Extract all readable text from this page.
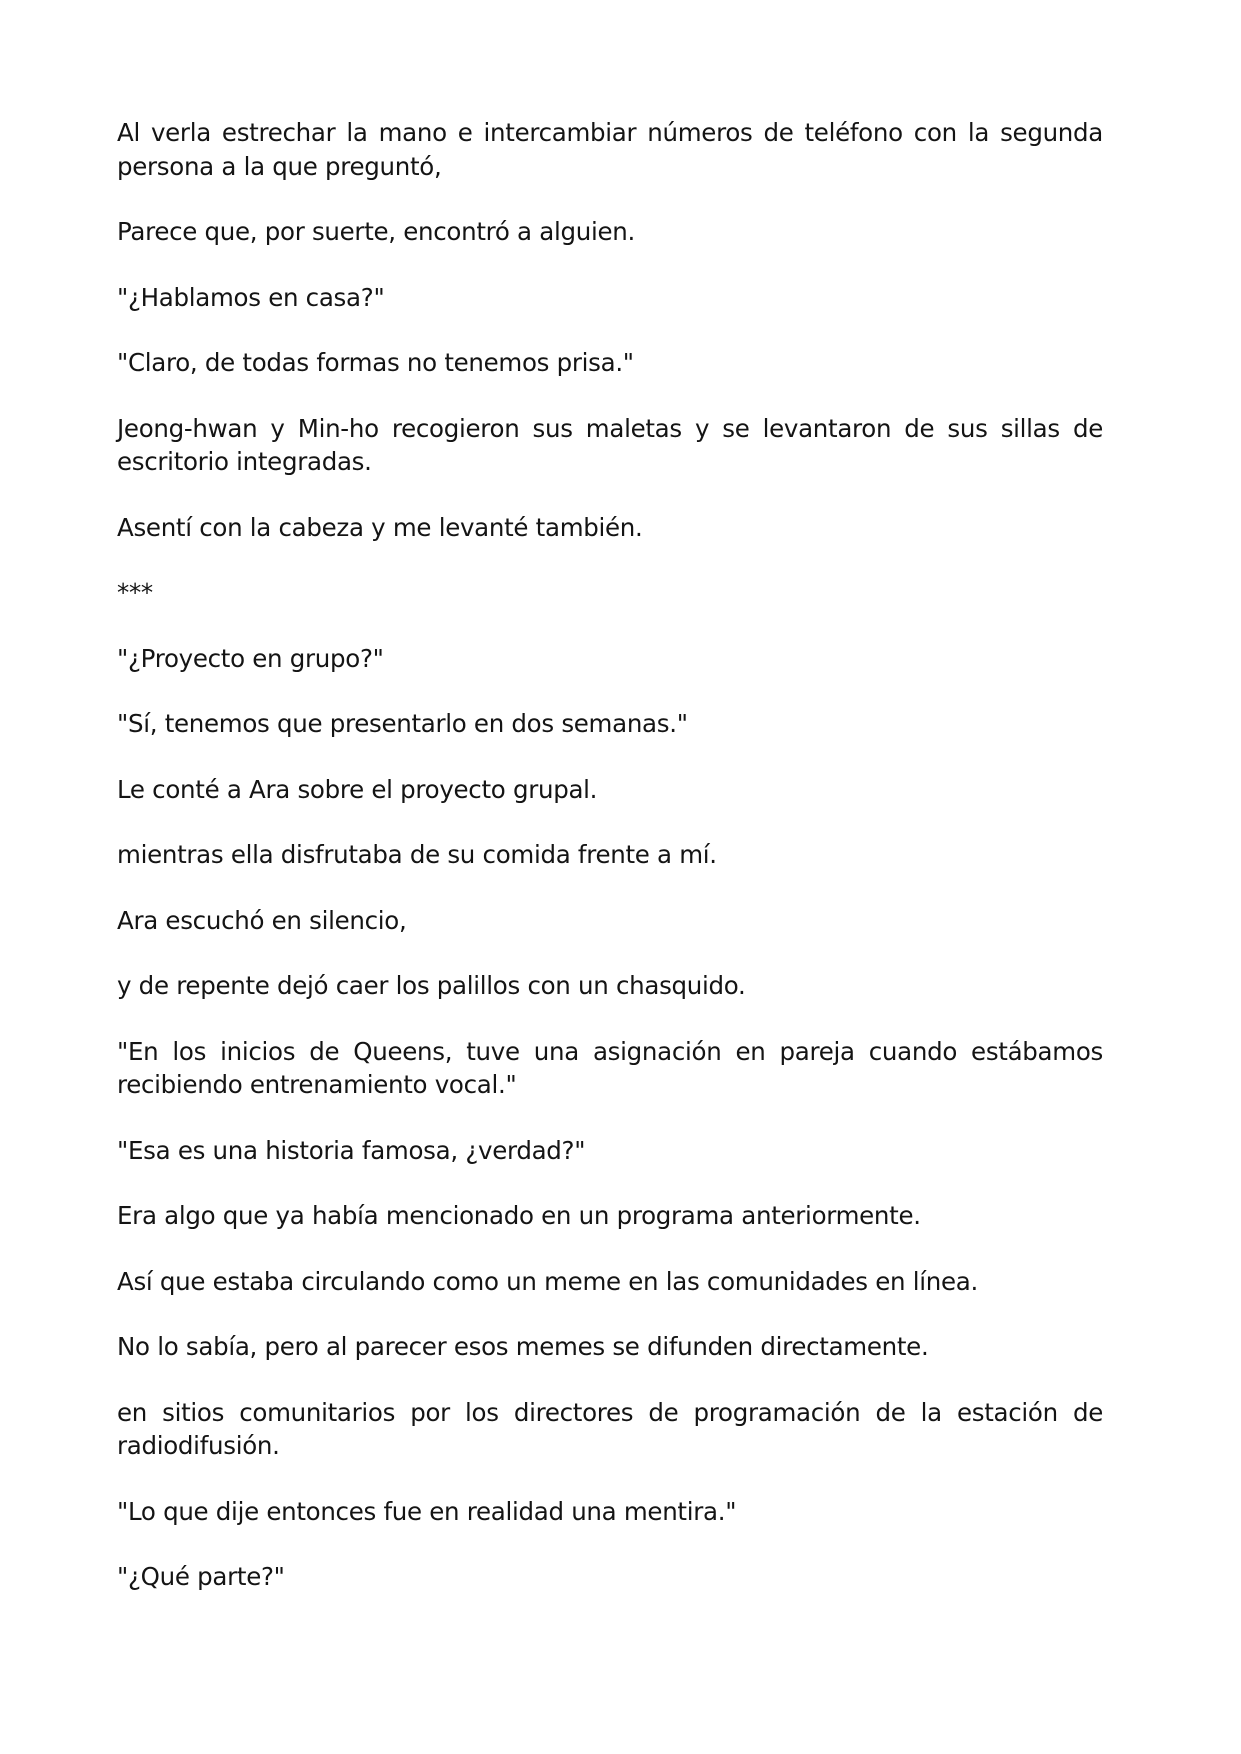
Al verla estrechar la mano e intercambiar números de teléfono con la segunda persona a la que preguntó,

Parece que, por suerte, encontró a alguien.

"¿Hablamos en casa?"

"Claro, de todas formas no tenemos prisa."

Jeong-hwan y Min-ho recogieron sus maletas y se levantaron de sus sillas de escritorio integradas.

Asentí con la cabeza y me levanté también.

***

"¿Proyecto en grupo?"

"Sí, tenemos que presentarlo en dos semanas."

Le conté a Ara sobre el proyecto grupal.

mientras ella disfrutaba de su comida frente a mí.

Ara escuchó en silencio,

y de repente dejó caer los palillos con un chasquido.

"En los inicios de Queens, tuve una asignación en pareja cuando estábamos recibiendo entrenamiento vocal."

"Esa es una historia famosa, ¿verdad?"

Era algo que ya había mencionado en un programa anteriormente.

Así que estaba circulando como un meme en las comunidades en línea.

No lo sabía, pero al parecer esos memes se difunden directamente.

en sitios comunitarios por los directores de programación de la estación de radiodifusión.

"Lo que dije entonces fue en realidad una mentira."

"¿Qué parte?"
